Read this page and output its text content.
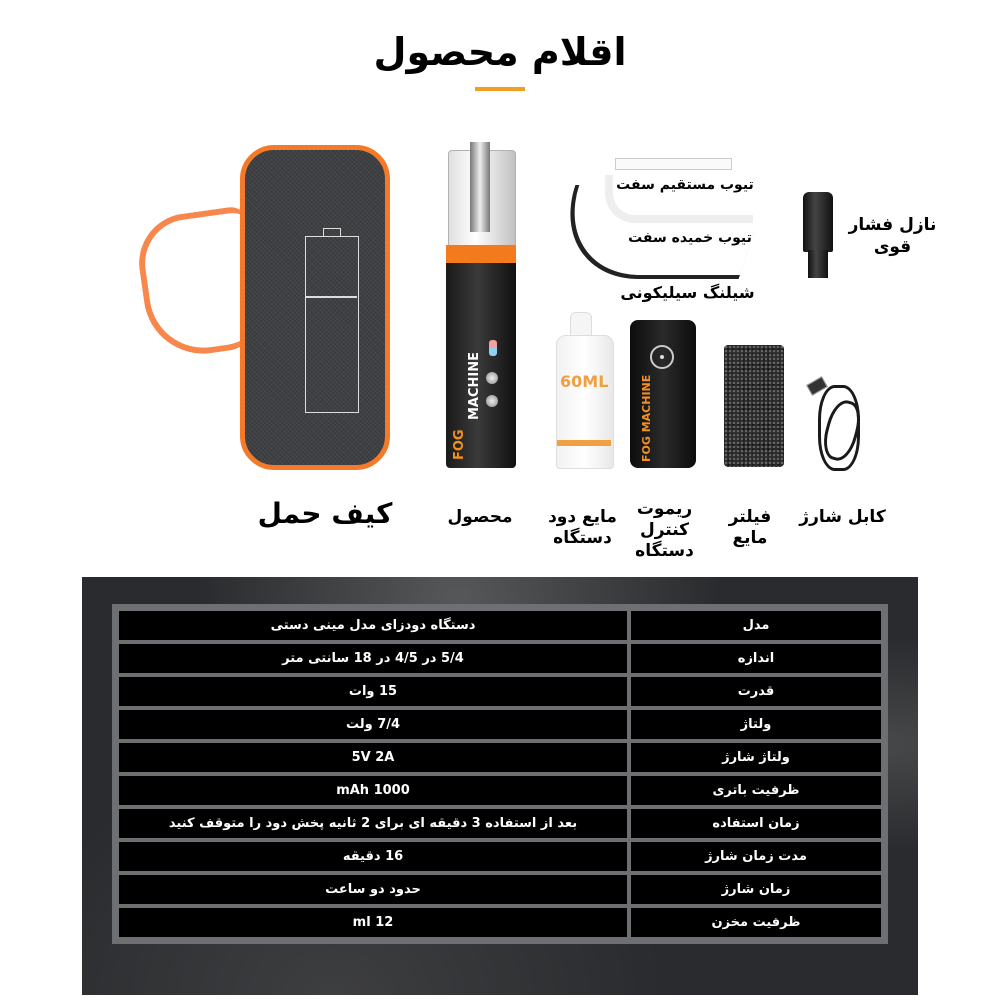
اقلام محصول
کیف حمل
FOG
MACHINE
محصول
تیوب مستقیم سفت
تیوب خمیده سفت
شیلنگ سیلیکونی
نازل فشار
قوی
60ML
مایع دود
دستگاه
FOG MACHINE
ریموت
کنترل
دستگاه
فیلتر
مایع
کابل شارژ
دستگاه دودزای مدل مینی دستی	مدل
5/4 در 4/5 در 18 سانتی متر	اندازه
15 وات	قدرت
7/4 ولت	ولتاژ
5V 2A	ولتاژ شارژ
mAh 1000	ظرفیت باتری
بعد از استفاده 3 دقیقه ای برای 2 ثانیه پخش دود را متوقف کنید	زمان استفاده
16 دقیقه	مدت زمان شارژ
حدود دو ساعت	زمان شارژ
12 ml	ظرفیت مخزن
